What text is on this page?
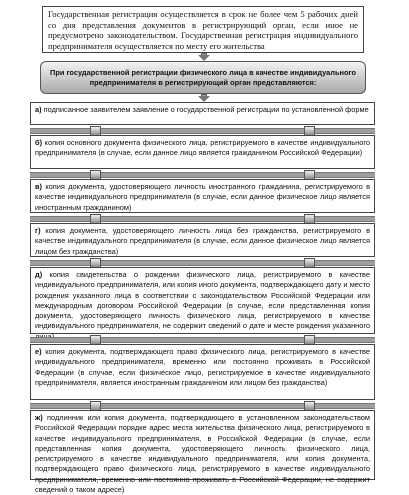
Государственная регистрация осуществляется в срок не более чем 5 рабочих дней со дня представления документов в регистрирующий орган, если иное не предусмотрено законодательством. Государственная регистрация индивидуального предпринимателя осуществляется по месту его жительства
При государственной регистрации физического лица в качестве индивидуального предпринимателя в регистрирующий орган представляются:
а) подписанное заявителем заявление о государственной регистрации по установленной форме
б) копия основного документа физического лица, регистрируемого в качестве индивидуального предпринимателя (в случае, если данное лицо является гражданином Российской Федерации)
в) копия документа, удостоверяющего личность иностранного гражданина, регистрируемого в качестве индивидуального предпринимателя (в случае, если данное физическое лицо является иностранным гражданином)
г) копия документа, удостоверяющего личность лица без гражданства, регистрируемого в качестве индивидуального предпринимателя (в случае, если данное физическое лицо является лицом без гражданства)
д) копия свидетельства о рождении физического лица, регистрируемого в качестве индивидуального предпринимателя, или копия иного документа, подтверждающего дату и место рождения указанного лица в соответствии с законодательством Российской Федерации или международным договором Российской Федерации (в случае, если представленная копия документа, удостоверяющего личность физического лица, регистрируемого в качестве индивидуального предпринимателя, не содержит сведений о дате и месте рождения указанного
е) копия документа, подтверждающего право физического лица, регистрируемого в качестве индивидуального предпринимателя, временно или постоянно проживать в Российской Федерации (в случае, если физическое лицо, регистрируемое в качестве индивидуального предпринимателя, является иностранным гражданином или лицом без гражданства)
ж) подлинник или копия документа, подтверждающего в установленном законодательством Российской Федерации порядке адрес места жительства физического лица, регистрируемого в качестве индивидуального предпринимателя, в Российской Федерации (в случае, если представленная копия документа, удостоверяющего личность физического лица, регистрируемого в качестве индивидуального предпринимателя, или копия документа, подтверждающего право физического лица, регистрируемого в качестве индивидуального предпринимателя, временно или постоянно проживать в Российской Федерации, не содержит сведений о таком адресе)
